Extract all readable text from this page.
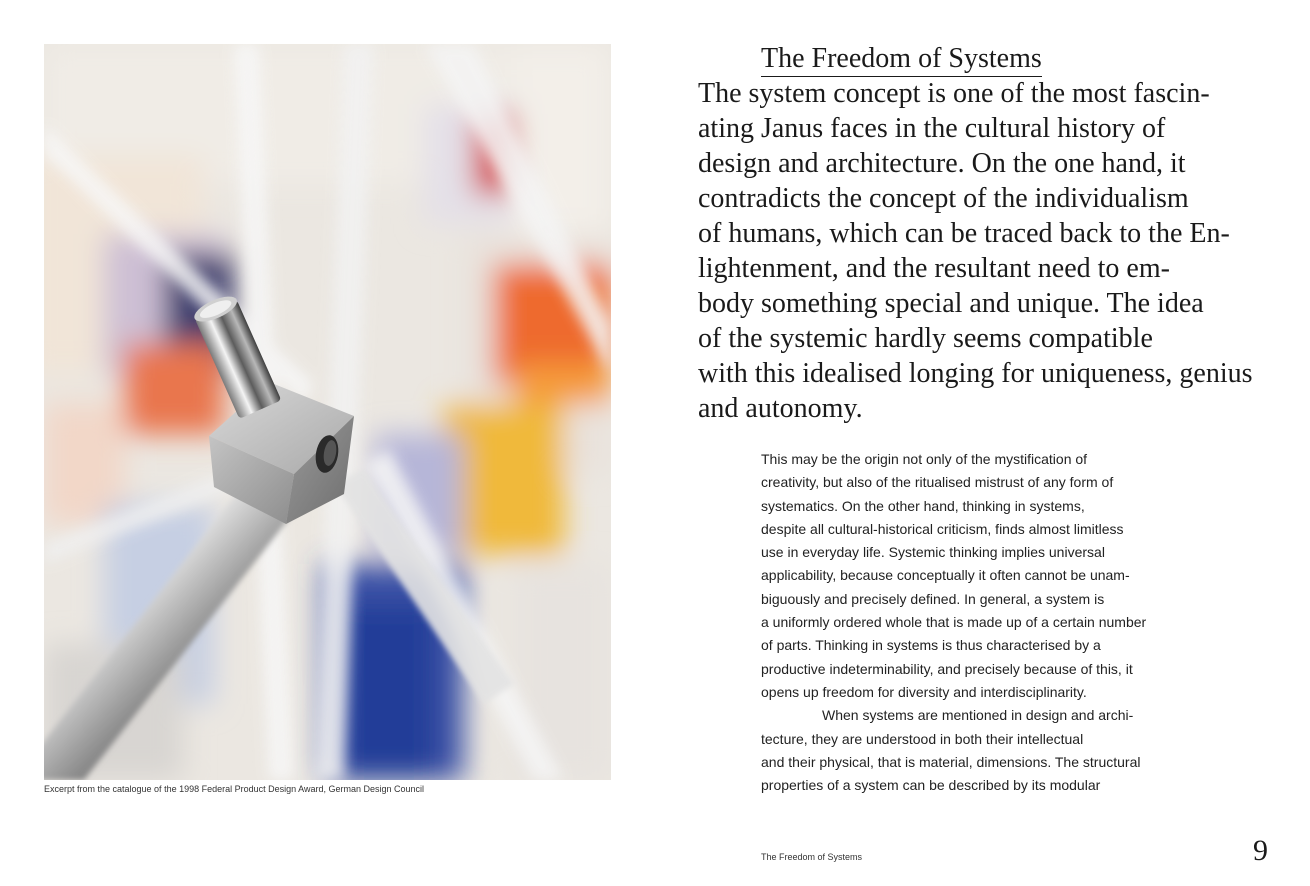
Excerpt from the catalogue of the 1998 Federal Product Design Award, German Design Council
The Freedom of Systems
The system concept is one of the most fascin-
ating Janus faces in the cultural history of
design and architecture. On the one hand, it
contradicts the concept of the individualism
of humans, which can be traced back to the En-
lightenment, and the resultant need to em-
body something special and unique. The idea
of the systemic hardly seems compatible
with this idealised longing for uniqueness, genius
and autonomy.
This may be the origin not only of the mystification of
creativity, but also of the ritualised mistrust of any form of
systematics. On the other hand, thinking in systems,
despite all cultural-historical criticism, finds almost limitless
use in everyday life. Systemic thinking implies universal
applicability, because conceptually it often cannot be unam-
biguously and precisely defined. In general, a system is
a uniformly ordered whole that is made up of a certain number
of parts. Thinking in systems is thus characterised by a
productive indeterminability, and precisely because of this, it
opens up freedom for diversity and interdisciplinarity.
When systems are mentioned in design and archi-
tecture, they are understood in both their intellectual
and their physical, that is material, dimensions. The structural
properties of a system can be described by its modular
The Freedom of Systems	9
